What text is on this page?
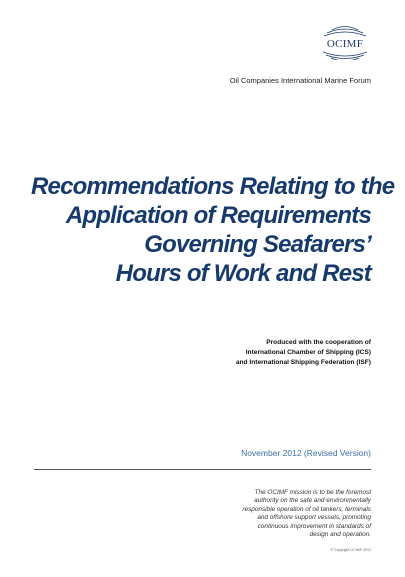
OCIMF
Oil Companies International Marine Forum
Recommendations Relating to the
Application of Requirements
Governing Seafarers’
Hours of Work and Rest
Produced with the cooperation of
International Chamber of Shipping (ICS)
and International Shipping Federation (ISF)
November 2012 (Revised Version)
The OCIMF mission is to be the foremost
authority on the safe and environmentally
responsible operation of oil tankers, terminals
and offshore support vessels, promoting
continuous improvement in standards of
design and operation.
© Copyright OCIMF 2012
